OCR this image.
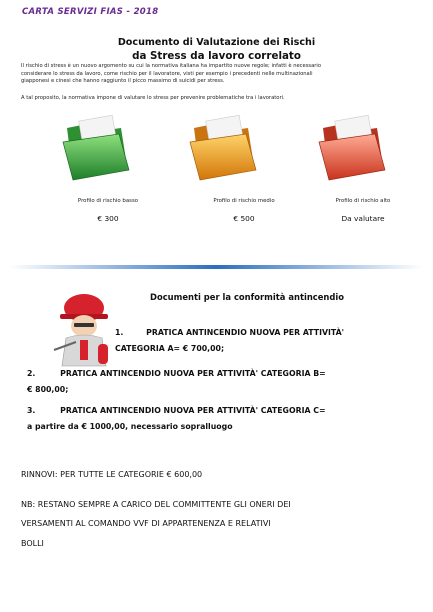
CARTA SERVIZI FIAS - 2018
Documento di Valutazione dei Rischi
da Stress da lavoro correlato
Il rischio di stress è un nuovo argomento su cui la normativa italiana ha impartito nuove regole; infatti è necessario
considerare lo stress da lavoro, come rischio per il lavoratore, visti per esempio i precedenti nelle multinazionali
giapponesi e cinesi che hanno raggiunto il picco massimo di suicidi per stress.
A tal proposito, la normativa impone di valutare lo stress per prevenire problematiche tra i lavoratori.
Profilo di rischio basso
€ 300
Profilo di rischio medio
€ 500
Profilo di rischio alto
Da valutare
Documenti per la conformità antincendio
1.	PRATICA ANTINCENDIO NUOVA PER ATTIVITÀ'
CATEGORIA A= € 700,00;
2.	PRATICA ANTINCENDIO NUOVA PER ATTIVITÀ' CATEGORIA B=
€ 800,00;
3.	PRATICA ANTINCENDIO NUOVA PER ATTIVITÀ' CATEGORIA C=
a partire da € 1000,00, necessario sopralluogo
RINNOVI: PER TUTTE LE CATEGORIE € 600,00
NB: RESTANO SEMPRE A CARICO DEL COMMITTENTE GLI ONERI DEI
VERSAMENTI AL COMANDO VVF DI APPARTENENZA E RELATIVI
BOLLI
